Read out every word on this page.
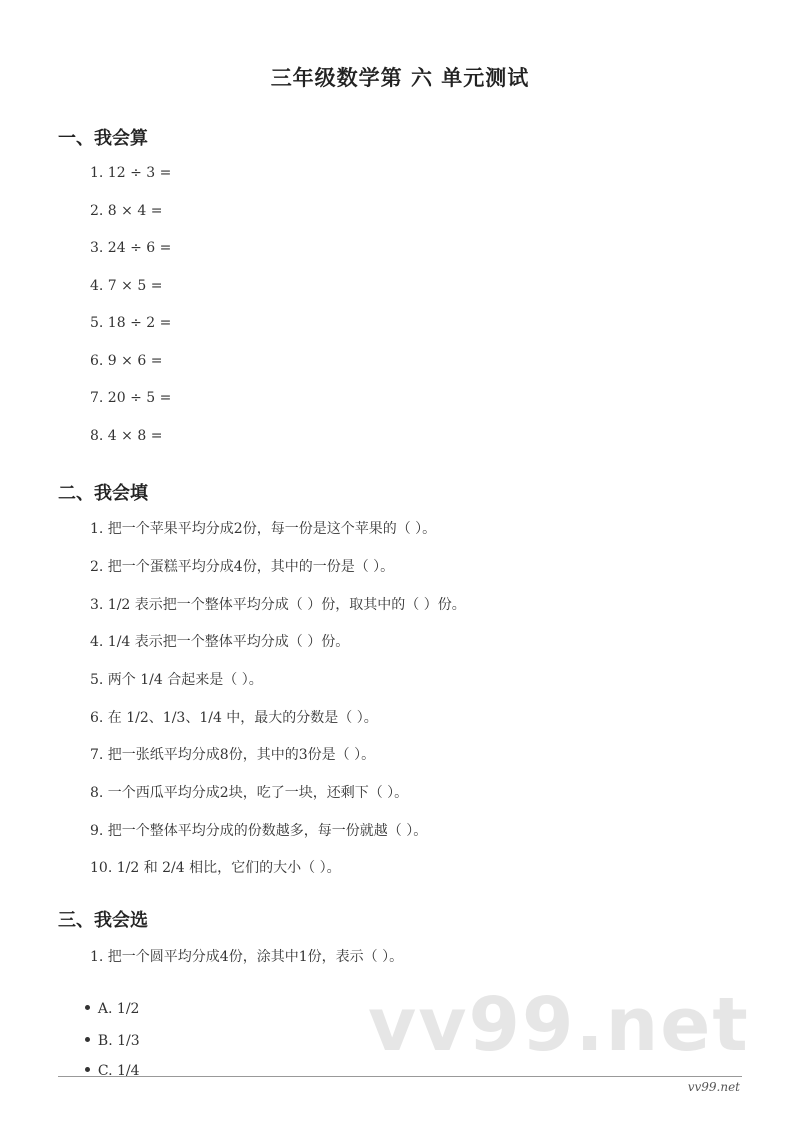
三年级数学第 六 单元测试
一、我会算
1. 12 ÷ 3 =
2. 8 × 4 =
3. 24 ÷ 6 =
4. 7 × 5 =
5. 18 ÷ 2 =
6. 9 × 6 =
7. 20 ÷ 5 =
8. 4 × 8 =
二、我会填
1. 把一个苹果平均分成2份，每一份是这个苹果的（ ）。
2. 把一个蛋糕平均分成4份，其中的一份是（ ）。
3. 1/2 表示把一个整体平均分成（ ）份，取其中的（ ）份。
4. 1/4 表示把一个整体平均分成（ ）份。
5. 两个 1/4 合起来是（ ）。
6. 在 1/2、1/3、1/4 中，最大的分数是（ ）。
7. 把一张纸平均分成8份，其中的3份是（ ）。
8. 一个西瓜平均分成2块，吃了一块，还剩下（ ）。
9. 把一个整体平均分成的份数越多，每一份就越（ ）。
10. 1/2 和 2/4 相比，它们的大小（ ）。
三、我会选
1. 把一个圆平均分成4份，涂其中1份，表示（ ）。

A. 1/2

B. 1/3

C. 1/4

vv99.net
vv99.net
